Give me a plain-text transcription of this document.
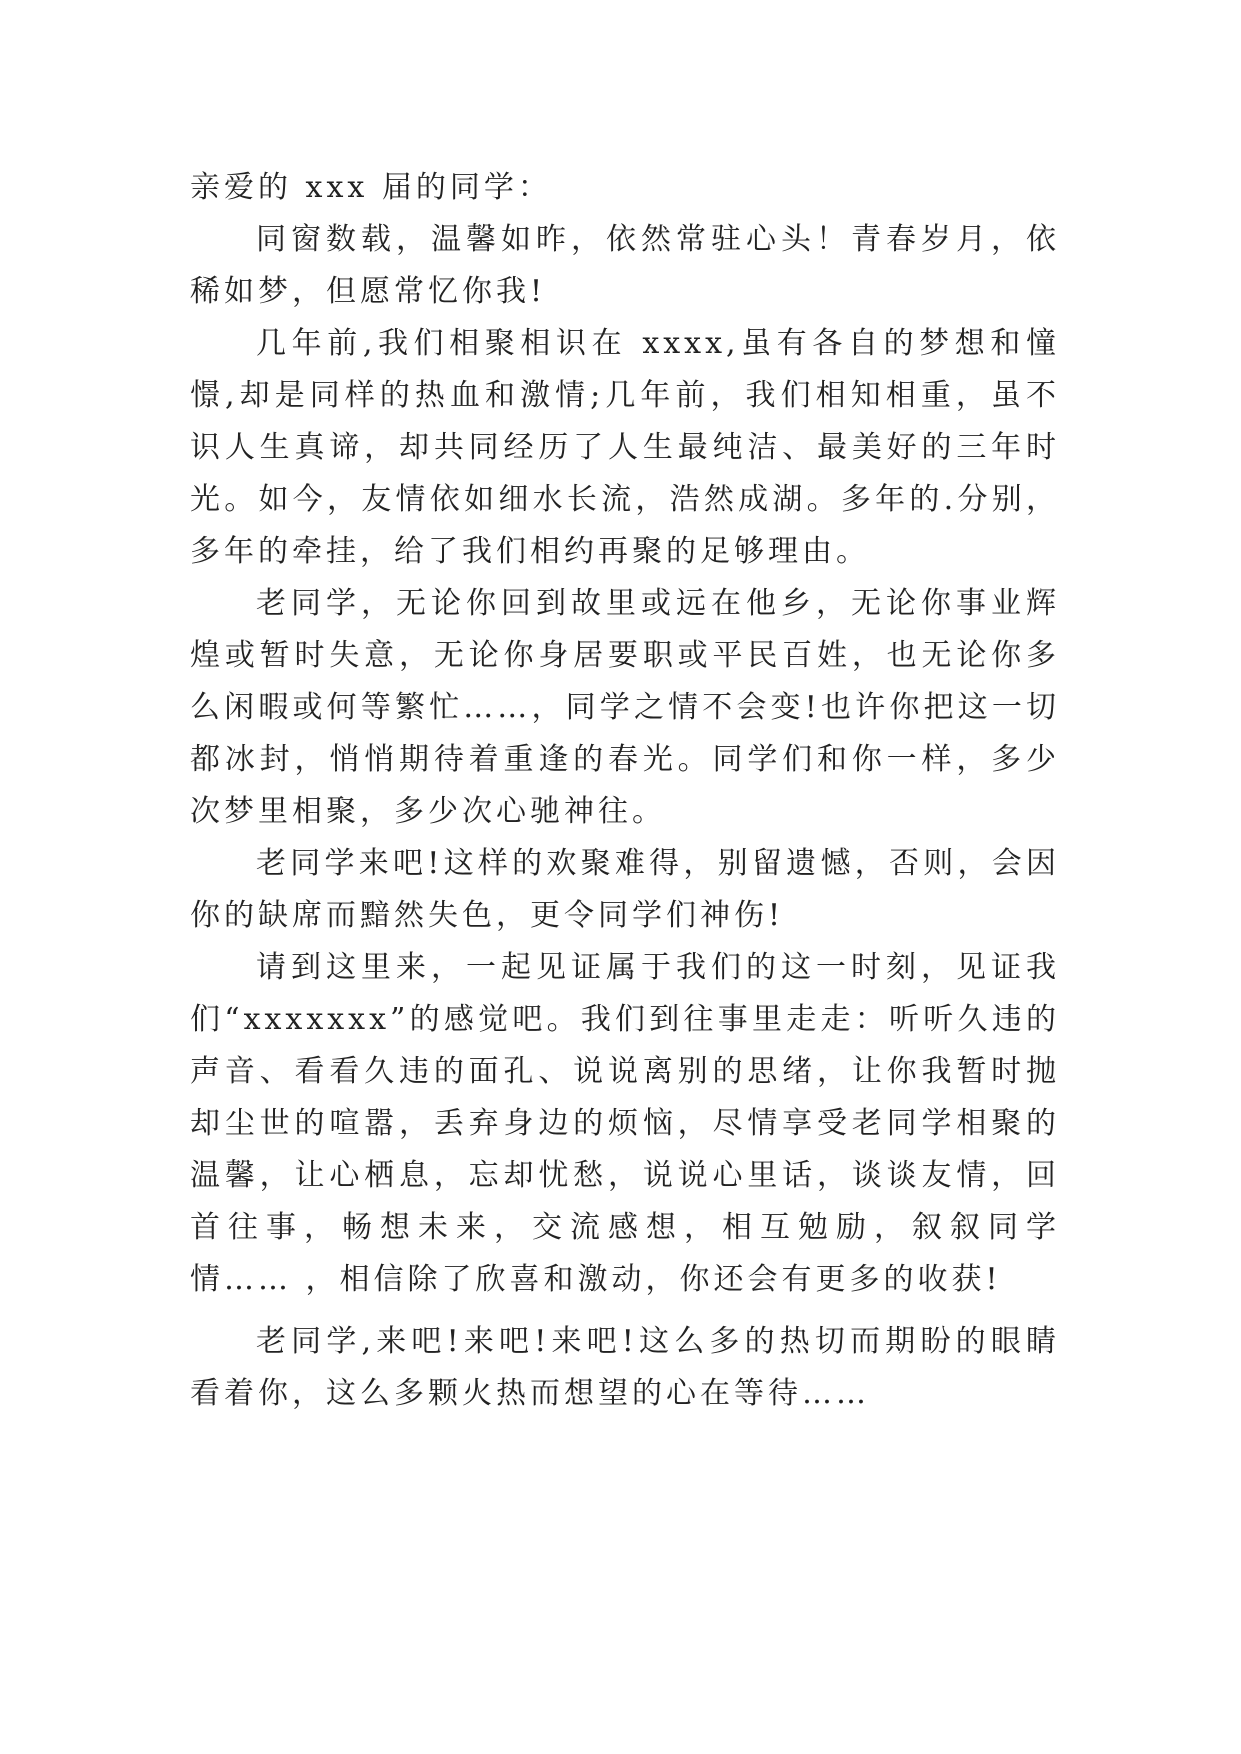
亲爱的 xxx 届的同学：

同窗数载，温馨如昨，依然常驻心头！青春岁月，依稀如梦，但愿常忆你我!

几年前,我们相聚相识在 xxxx,虽有各自的梦想和憧憬,却是同样的热血和激情;几年前，我们相知相重，虽不识人生真谛，却共同经历了人生最纯洁、最美好的三年时光。如今，友情依如细水长流，浩然成湖。多年的.分别，多年的牵挂，给了我们相约再聚的足够理由。

老同学，无论你回到故里或远在他乡，无论你事业辉煌或暂时失意，无论你身居要职或平民百姓，也无论你多么闲暇或何等繁忙……，同学之情不会变!也许你把这一切都冰封，悄悄期待着重逢的春光。同学们和你一样，多少次梦里相聚，多少次心驰神往。

老同学来吧!这样的欢聚难得，别留遗憾，否则，会因你的缺席而黯然失色，更令同学们神伤!

请到这里来，一起见证属于我们的这一时刻，见证我们“xxxxxxx”的感觉吧。我们到往事里走走：听听久违的声音、看看久违的面孔、说说离别的思绪，让你我暂时抛却尘世的喧嚣，丢弃身边的烦恼，尽情享受老同学相聚的温馨，让心栖息，忘却忧愁，说说心里话，谈谈友情，回首往事，畅想未来，交流感想，相互勉励，叙叙同学情…… ，相信除了欣喜和激动，你还会有更多的收获!

老同学,来吧!来吧!来吧!这么多的热切而期盼的眼睛看着你，这么多颗火热而想望的心在等待……
